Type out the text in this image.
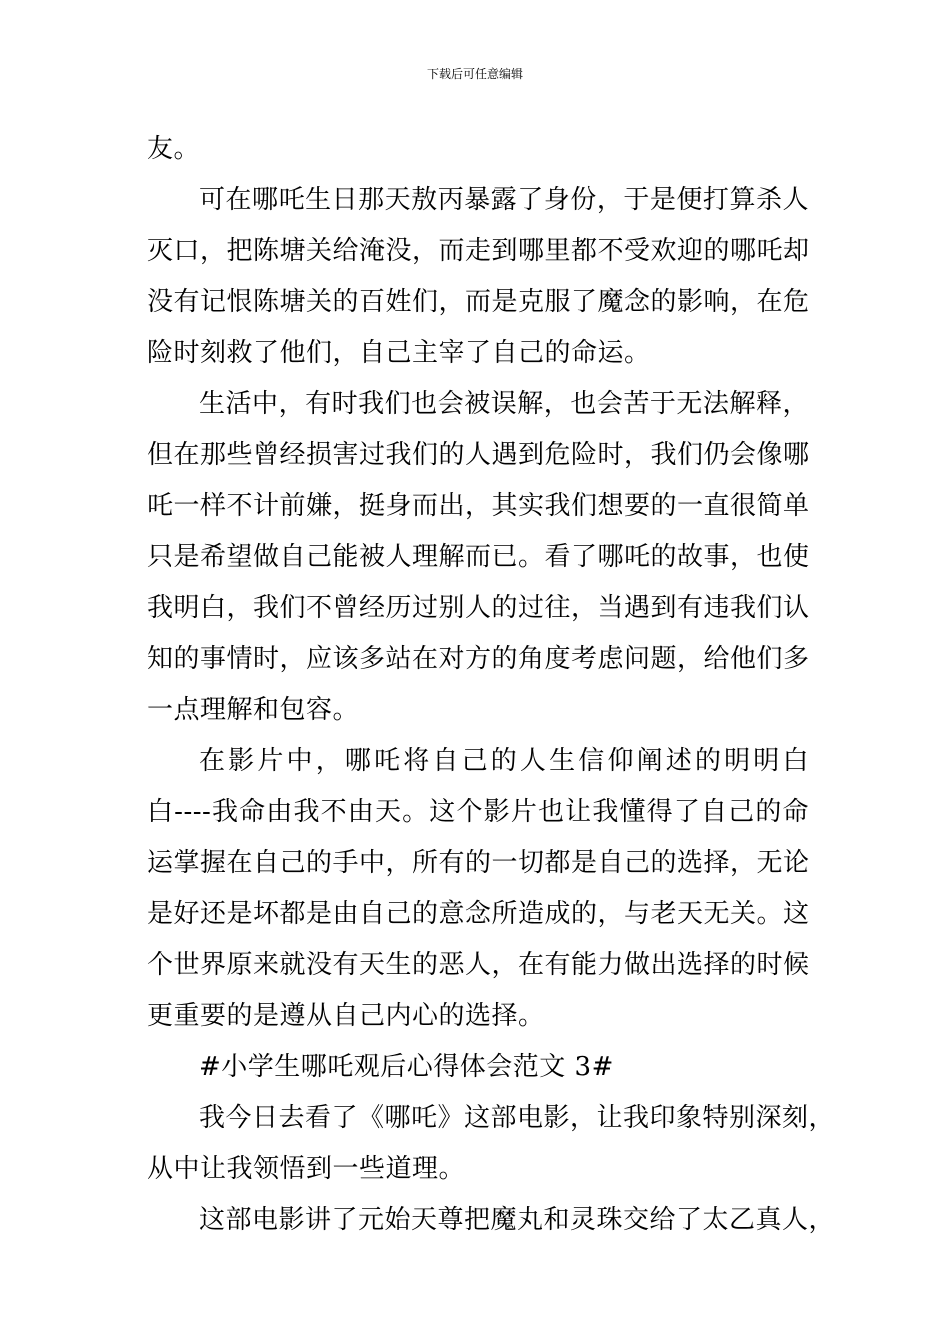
下载后可任意编辑
友。
可在哪吒生日那天敖丙暴露了身份，于是便打算杀人
灭口，把陈塘关给淹没，而走到哪里都不受欢迎的哪吒却
没有记恨陈塘关的百姓们，而是克服了魔念的影响，在危
险时刻救了他们，自己主宰了自己的命运。
生活中，有时我们也会被误解，也会苦于无法解释，
但在那些曾经损害过我们的人遇到危险时，我们仍会像哪
吒一样不计前嫌，挺身而出，其实我们想要的一直很简单
只是希望做自己能被人理解而已。看了哪吒的故事，也使
我明白，我们不曾经历过别人的过往，当遇到有违我们认
知的事情时，应该多站在对方的角度考虑问题，给他们多
一点理解和包容。
在影片中，哪吒将自己的人生信仰阐述的明明白
白----我命由我不由天。这个影片也让我懂得了自己的命
运掌握在自己的手中，所有的一切都是自己的选择，无论
是好还是坏都是由自己的意念所造成的，与老天无关。这
个世界原来就没有天生的恶人，在有能力做出选择的时候
更重要的是遵从自己内心的选择。
#小学生哪吒观后心得体会范文 3#
我今日去看了《哪吒》这部电影，让我印象特别深刻，
从中让我领悟到一些道理。
这部电影讲了元始天尊把魔丸和灵珠交给了太乙真人，
